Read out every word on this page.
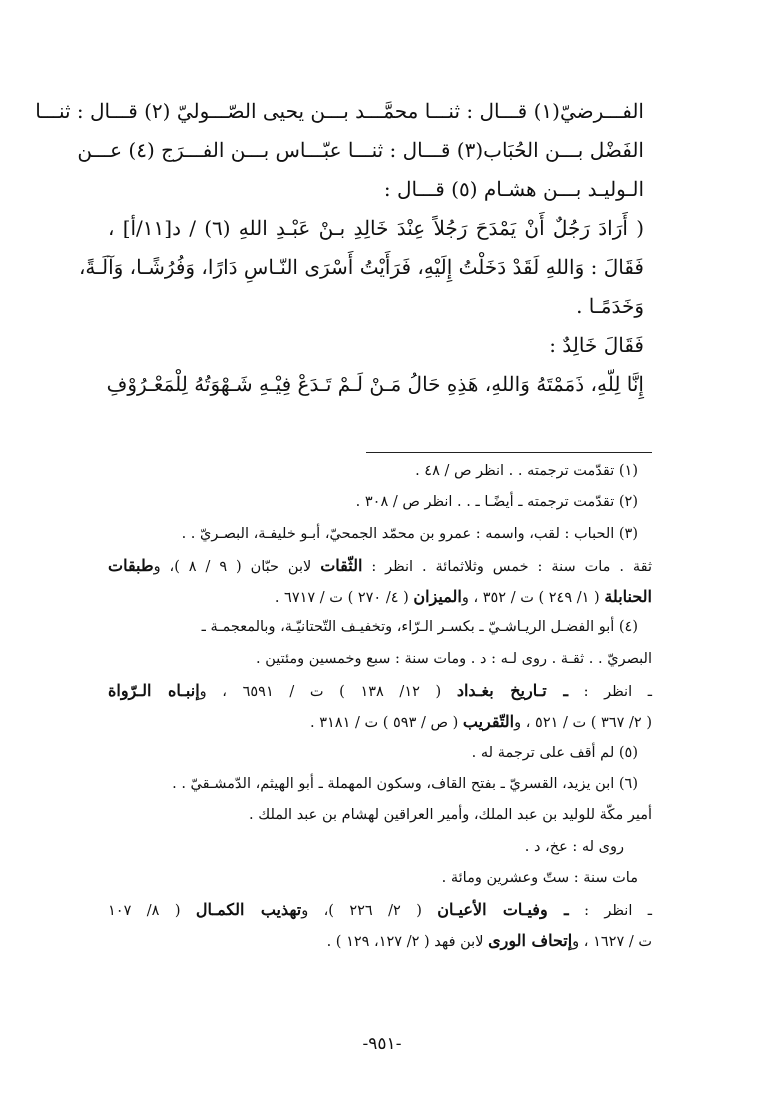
الفـــرضيّ(١) قـــال : ثنـــا محمَّـــد بـــن يحيى الصّـــوليّ (٢) قـــال : ثنـــا
الفَضْل بـــن الحُبَاب(٣) قـــال : ثنـــا عبّـــاس بـــن الفـــرَج (٤) عـــن
الـوليـد بـــن هشـام (٥) قـــال :
( أَرَادَ رَجُلٌ أَنْ يَمْدَحَ رَجُلاً عِنْدَ خَالِدِ بـنْ عَبْـدِ اللهِ (٦) / د[١١/أ] ،
فَقَالَ : وَاللهِ لَقَدْ دَخَلْتُ إِلَيْهِ، فَرَأَيْتُ أَسْرَى النّـاسِ دَارًا، وَفُرُشًـا، وَآلَـةً،
وَخَدَمًـا .
فَقَالَ خَالِدٌ :
إِنَّا لِلّهِ، ذَمَمْتَهُ وَاللهِ، هَذِهِ حَالُ مَـنْ لَـمْ تَـدَعْ فِيْـهِ شَـهْوَتُهُ لِلْمَعْـرُوْفِ
(١) تقدّمت ترجمته . . انظر ص / ٤٨ .
(٢) تقدّمت ترجمته ـ أيضًـا ـ . . انظر ص / ٣٠٨ .
(٣) الحباب : لقب، واسمه : عمرو بن محمّد الجمحيّ، أبـو خليفـة، البصـريّ . .
ثقة . مات سنة : خمس وثلاثمائة . انظر : الثّقات لابن حبّان ( ٩ / ٨ )، وطبقات
الحنابلة ( ١/ ٢٤٩ ) ت / ٣٥٢ ، والميزان ( ٤/ ٢٧٠ ) ت / ٦٧١٧ .
(٤) أبو الفضـل الريـاشـيّ ـ بكسـر الـرّاء، وتخفيـف التّحتانيّـة، وبالمعجمـة ـ
البصريّ . . ثقـة . روى لـه : د . ومات سنة : سبع وخمسين ومئتين .
ـ انظر : ـ تـاريخ بغـداد ( ١٢/ ١٣٨ ) ت / ٦٥٩١ ، وإنبـاه الـرّواة
( ٢/ ٣٦٧ ) ت / ٥٢١ ، والتّقريب ( ص / ٥٩٣ ) ت / ٣١٨١ .
(٥) لم أقف على ترجمة له .
(٦) ابن يزيد، القسريّ ـ بفتح القاف، وسكون المهملة ـ أبو الهيثم، الدّمشـقيّ . .
أمير مكّة للوليد بن عبد الملك، وأمير العراقين لهشام بن عبد الملك .
روى له : عخ، د .
مات سنة : ستّ وعشرين ومائة .
ـ انظر : ـ وفيـات الأعيـان ( ٢/ ٢٢٦ )، وتهذيب الكمـال ( ٨/ ١٠٧
ت / ١٦٢٧ ، وإتحاف الورى لابن فهد ( ٢/ ١٢٧، ١٢٩ ) .
-٩٥١-
